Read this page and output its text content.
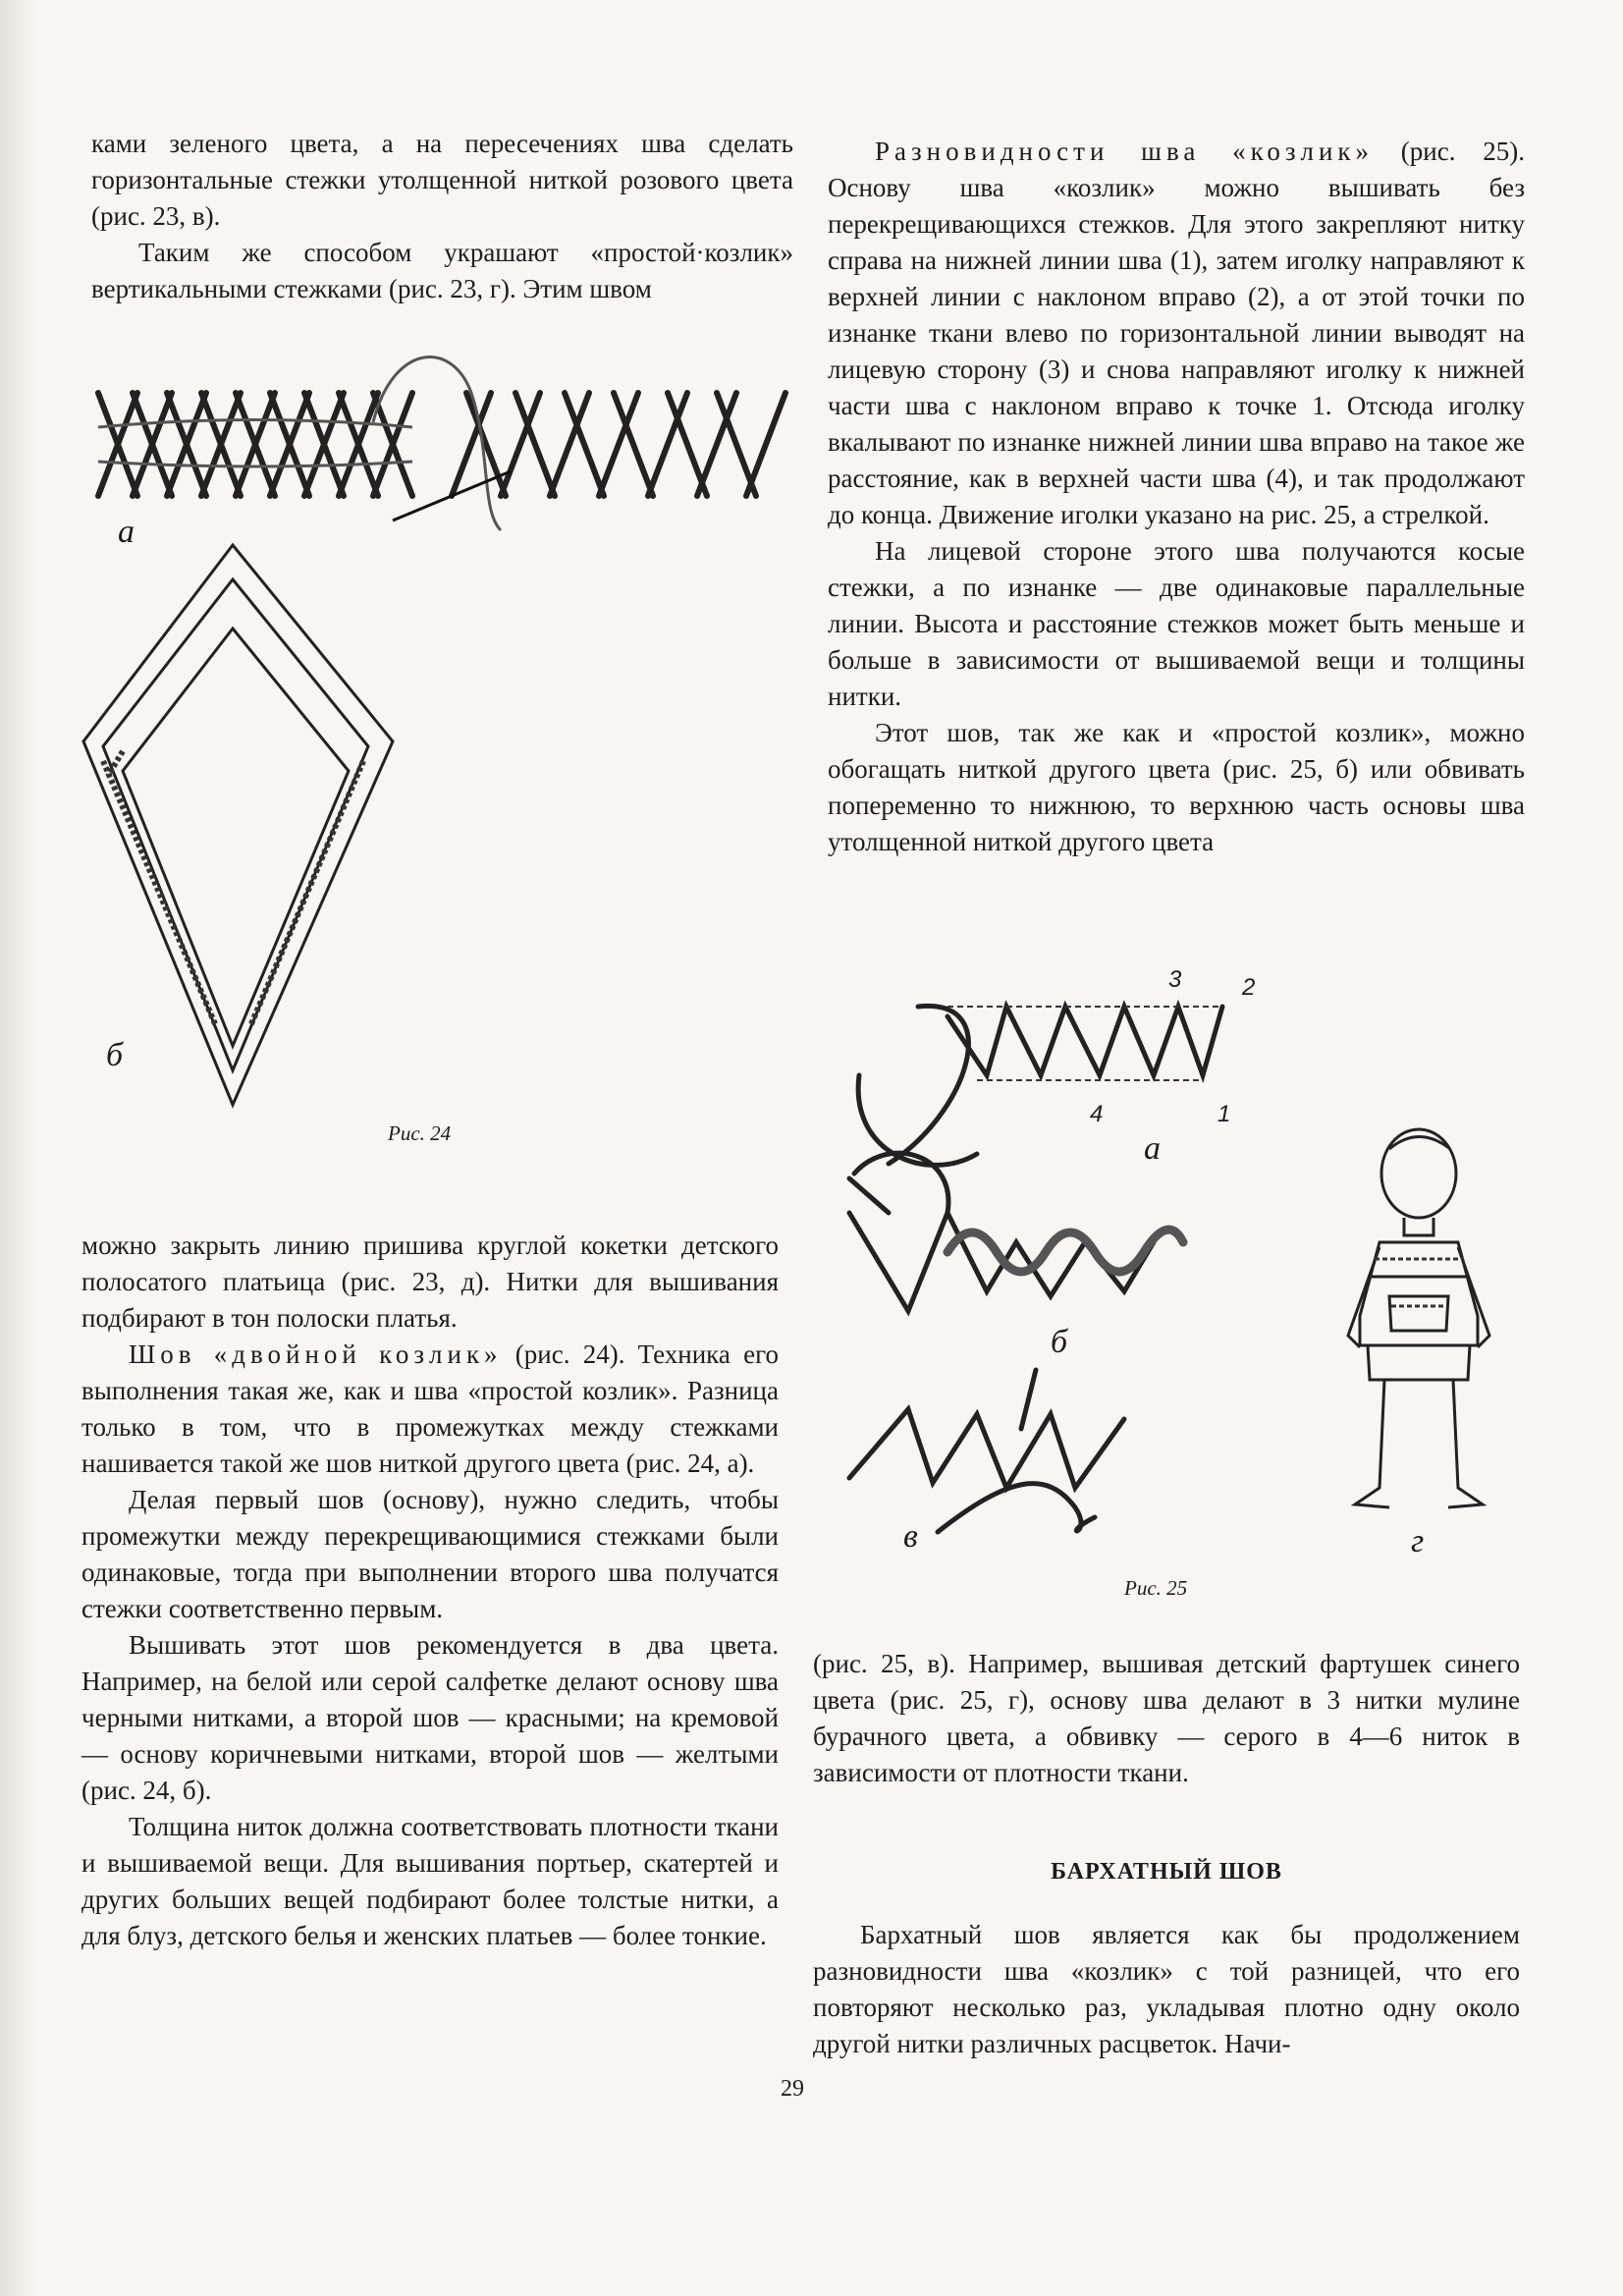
ками зеленого цвета, а на пересечениях шва сделать горизонтальные стежки утолщенной ниткой розового цвета (рис. 23, в).

Таким же способом украшают «простой·козлик» вертикальными стежками (рис. 23, г). Этим швом

а
б
Рис. 24

можно закрыть линию пришива круглой кокетки детского полосатого платьица (рис. 23, д). Нитки для вышивания подбирают в тон полоски платья.

Шов «двойной козлик» (рис. 24). Техника его выполнения такая же, как и шва «простой козлик». Разница только в том, что в промежутках между стежками нашивается такой же шов ниткой другого цвета (рис. 24, а).

Делая первый шов (основу), нужно следить, чтобы промежутки между перекрещивающимися стежками были одинаковые, тогда при выполнении второго шва получатся стежки соответственно первым.

Вышивать этот шов рекомендуется в два цвета. Например, на белой или серой салфетке делают основу шва черными нитками, а второй шов — красными; на кремовой — основу коричневыми нитками, второй шов — желтыми (рис. 24, б).

Толщина ниток должна соответствовать плотности ткани и вышиваемой вещи. Для вышивания портьер, скатертей и других больших вещей подбирают более толстые нитки, а для блуз, детского белья и женских платьев — более тонкие.

Разновидности шва «козлик» (рис. 25). Основу шва «козлик» можно вышивать без перекрещивающихся стежков. Для этого закрепляют нитку справа на нижней линии шва (1), затем иголку направляют к верхней линии с наклоном вправо (2), а от этой точки по изнанке ткани влево по горизонтальной линии выводят на лицевую сторону (3) и снова направляют иголку к нижней части шва с наклоном вправо к точке 1. Отсюда иголку вкалывают по изнанке нижней линии шва вправо на такое же расстояние, как в верхней части шва (4), и так продолжают до конца. Движение иголки указано на рис. 25, а стрелкой.

На лицевой стороне этого шва получаются косые стежки, а по изнанке — две одинаковые параллельные линии. Высота и расстояние стежков может быть меньше и больше в зависимости от вышиваемой вещи и толщины нитки.

Этот шов, так же как и «простой козлик», можно обогащать ниткой другого цвета (рис. 25, б) или обвивать попеременно то нижнюю, то верхнюю часть основы шва утолщенной ниткой другого цвета

3	2
4	1
а
б
в	г
Рис. 25

(рис. 25, в). Например, вышивая детский фартушек синего цвета (рис. 25, г), основу шва делают в 3 нитки мулине бурачного цвета, а обвивку — серого в 4—6 ниток в зависимости от плотности ткани.

БАРХАТНЫЙ ШОВ

Бархатный шов является как бы продолжением разновидности шва «козлик» с той разницей, что его повторяют несколько раз, укладывая плотно одну около другой нитки различных расцветок. Начи-

29
